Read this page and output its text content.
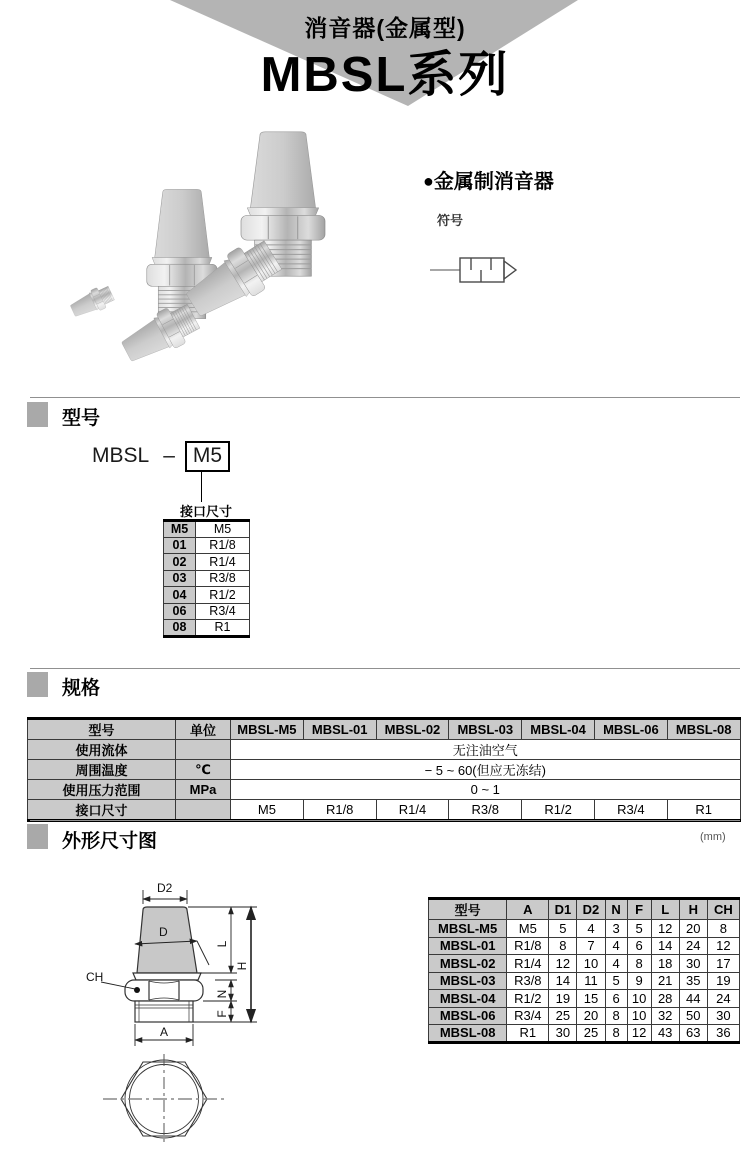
消音器(金属型)
MBSL系列
●金属制消音器
符号
型号
MBSL – M5
接口尺寸
M5	M5
01	R1/8
02	R1/4
03	R3/8
04	R1/2
06	R3/4
08	R1
规格
型号	单位	MBSL-M5	MBSL-01	MBSL-02	MBSL-03	MBSL-04	MBSL-06	MBSL-08
使用流体		无注油空气						
周围温度	℃	− 5 ~ 60(但应无冻结)						
使用压力范围	MPa	0 ~ 1						
接口尺寸		M5	R1/8	R1/4	R3/8	R1/2	R3/4	R1
外形尺寸图	(mm)
D2
D
CH
A
L
N
F
H
型号	A	D1	D2	N	F	L	H	CH
MBSL-M5	M5	5	4	3	5	12	20	8
MBSL-01	R1/8	8	7	4	6	14	24	12
MBSL-02	R1/4	12	10	4	8	18	30	17
MBSL-03	R3/8	14	11	5	9	21	35	19
MBSL-04	R1/2	19	15	6	10	28	44	24
MBSL-06	R3/4	25	20	8	10	32	50	30
MBSL-08	R1	30	25	8	12	43	63	36
